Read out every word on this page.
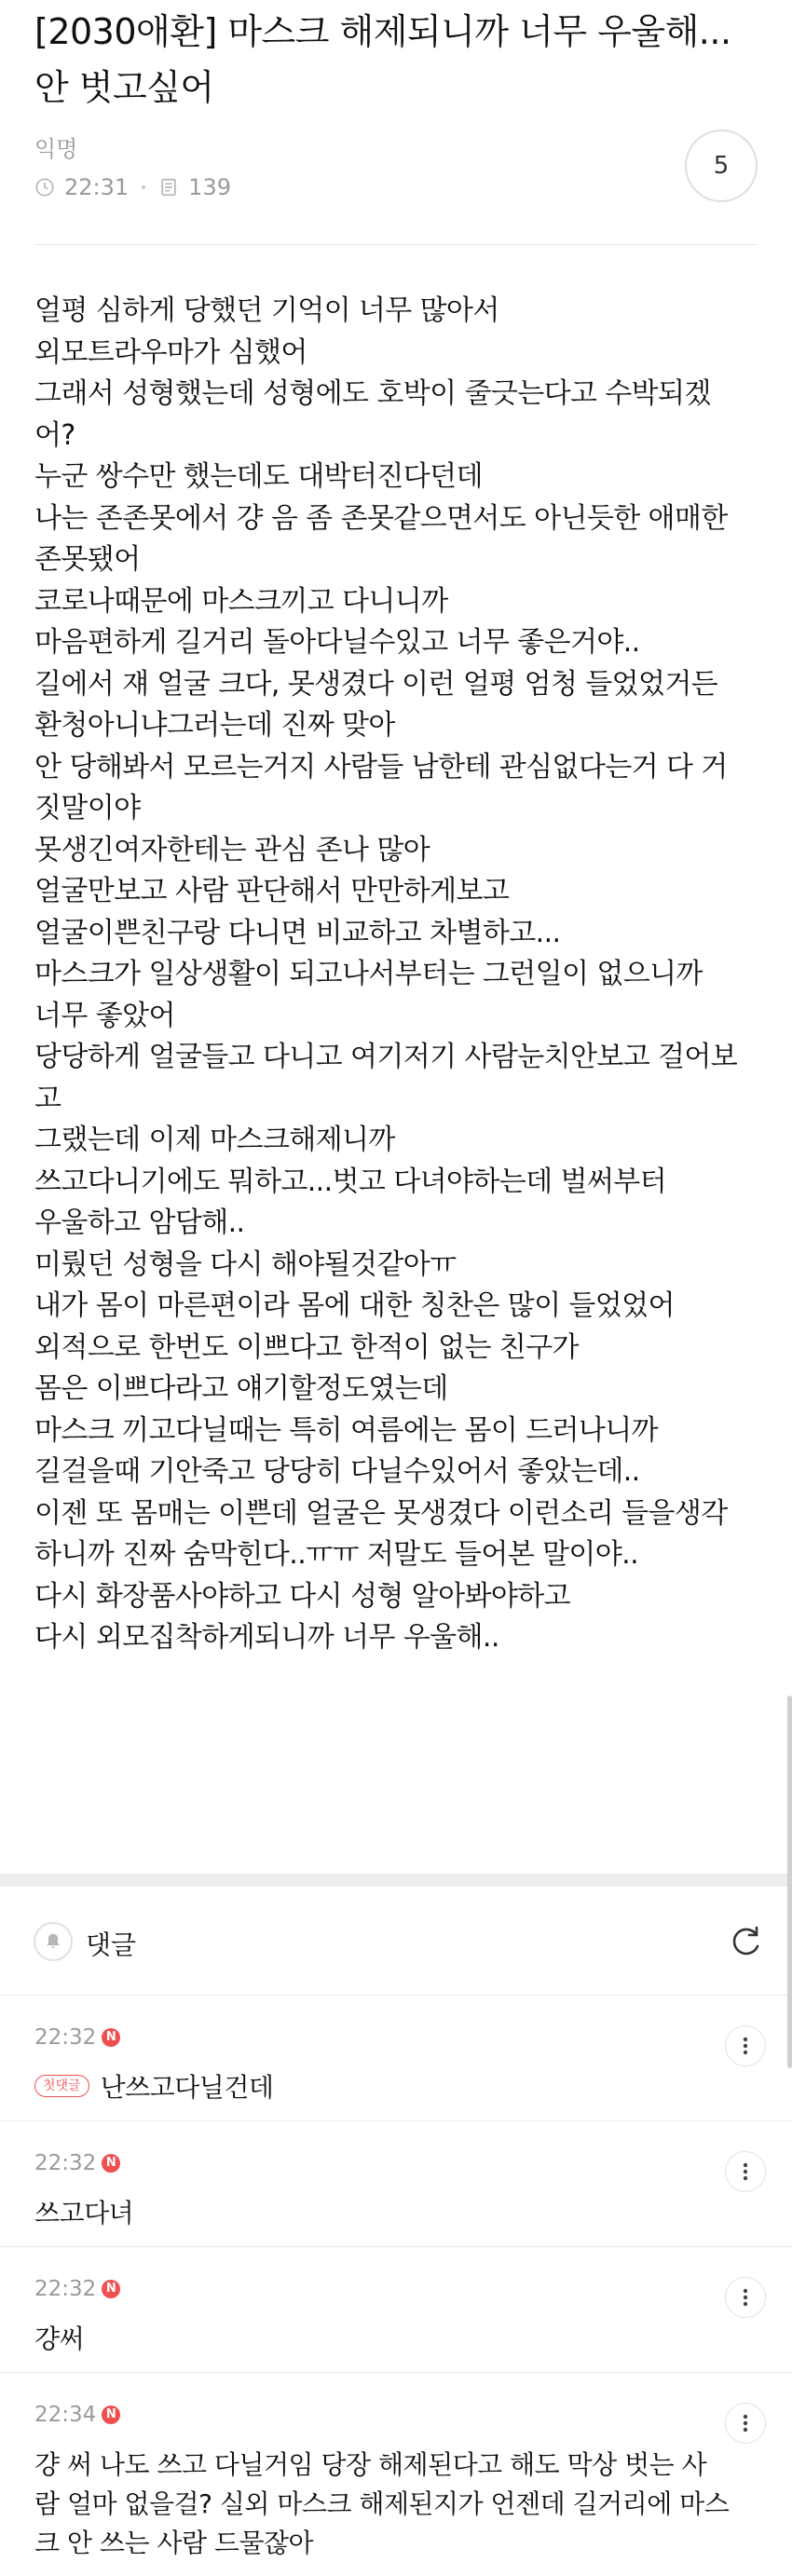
[2030애환] 마스크 해제되니까 너무 우울해... 안 벗고싶어
익명
22:31	139
5
얼평 심하게 당했던 기억이 너무 많아서
외모트라우마가 심했어
그래서 성형했는데 성형에도 호박이 줄긋는다고 수박되겠
어?
누군 쌍수만 했는데도 대박터진다던데
나는 존존못에서 걍 음 좀 존못같으면서도 아닌듯한 애매한
존못됐어
코로나때문에 마스크끼고 다니니까
마음편하게 길거리 돌아다닐수있고 너무 좋은거야..
길에서 쟤 얼굴 크다, 못생겼다 이런 얼평 엄청 들었었거든
환청아니냐그러는데 진짜 맞아
안 당해봐서 모르는거지 사람들 남한테 관심없다는거 다 거
짓말이야
못생긴여자한테는 관심 존나 많아
얼굴만보고 사람 판단해서 만만하게보고
얼굴이쁜친구랑 다니면 비교하고 차별하고...
마스크가 일상생활이 되고나서부터는 그런일이 없으니까
너무 좋았어
당당하게 얼굴들고 다니고 여기저기 사람눈치안보고 걸어보
고
그랬는데 이제 마스크해제니까
쓰고다니기에도 뭐하고...벗고 다녀야하는데 벌써부터
우울하고 암담해..
미뤘던 성형을 다시 해야될것같아ㅠ
내가 몸이 마른편이라 몸에 대한 칭찬은 많이 들었었어
외적으로 한번도 이쁘다고 한적이 없는 친구가
몸은 이쁘다라고 얘기할정도였는데
마스크 끼고다닐때는 특히 여름에는 몸이 드러나니까
길걸을때 기안죽고 당당히 다닐수있어서 좋았는데..
이젠 또 몸매는 이쁜데 얼굴은 못생겼다 이런소리 들을생각
하니까 진짜 숨막힌다..ㅠㅠ 저말도 들어본 말이야..
다시 화장품사야하고 다시 성형 알아봐야하고
다시 외모집착하게되니까 너무 우울해..
댓글
22:32 N
첫댓글 난쓰고다닐건데
22:32 N
쓰고다녀
22:32 N
걍써
22:34 N
걍 써 나도 쓰고 다닐거임 당장 해제된다고 해도 막상 벗는 사
람 얼마 없을걸? 실외 마스크 해제된지가 언젠데 길거리에 마스
크 안 쓰는 사람 드물잖아
